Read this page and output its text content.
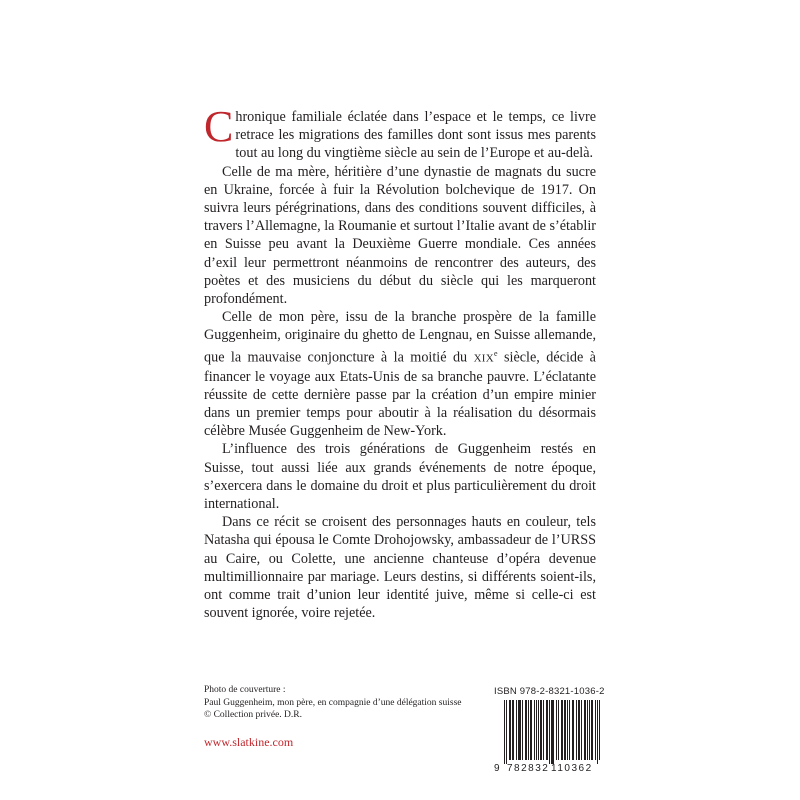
Chronique familiale éclatée dans l’espace et le temps, ce livre retrace les migrations des familles dont sont issus mes parents tout au long du vingtième siècle au sein de l’Europe et au-delà.

Celle de ma mère, héritière d’une dynastie de magnats du sucre en Ukraine, forcée à fuir la Révolution bolchevique de 1917. On suivra leurs pérégrinations, dans des conditions souvent difficiles, à travers l’Allemagne, la Roumanie et surtout l’Italie avant de s’établir en Suisse peu avant la Deuxième Guerre mondiale. Ces années d’exil leur permettront néanmoins de rencontrer des auteurs, des poètes et des musiciens du début du siècle qui les marqueront profondément.

Celle de mon père, issu de la branche prospère de la famille Guggenheim, originaire du ghetto de Lengnau, en Suisse allemande, que la mauvaise conjoncture à la moitié du XIXe siècle, décide à financer le voyage aux Etats-Unis de sa branche pauvre. L’éclatante réussite de cette dernière passe par la création d’un empire minier dans un premier temps pour aboutir à la réalisation du désormais célèbre Musée Guggenheim de New-York.

L’influence des trois générations de Guggenheim restés en Suisse, tout aussi liée aux grands événements de notre époque, s’exercera dans le domaine du droit et plus particulièrement du droit international.

Dans ce récit se croisent des personnages hauts en couleur, tels Natasha qui épousa le Comte Drohojowsky, ambassadeur de l’URSS au Caire, ou Colette, une ancienne chanteuse d’opéra devenue multimillionnaire par mariage. Leurs destins, si différents soient-ils, ont comme trait d’union leur identité juive, même si celle-ci est souvent ignorée, voire rejetée.

Photo de couverture :
Paul Guggenheim, mon père, en compagnie d’une délégation suisse
© Collection privée. D.R.
www.slatkine.com
ISBN 978-2-8321-1036-2
9 782832 110362
